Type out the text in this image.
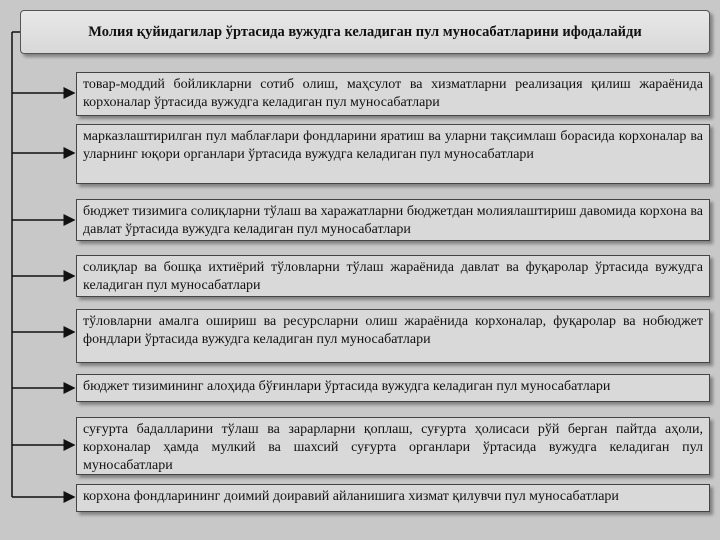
Молия қуйидагилар ўртасида вужудга келадиган пул муносабатларини ифодалайди
товар-моддий бойликларни сотиб олиш, маҳсулот ва хизматларни реализация қилиш жараёнида корхоналар ўртасида вужудга келадиган пул муносабатлари
марказлаштирилган пул маблағлари фондларини яратиш ва уларни тақсимлаш борасида корхоналар ва уларнинг юқори органлари ўртасида вужудга келадиган пул муносабатлари
бюджет тизимига солиқларни тўлаш ва харажатларни бюджетдан молиялаштириш давомида корхона ва давлат ўртасида вужудга келадиган пул муносабатлари
солиқлар ва бошқа ихтиёрий тўловларни тўлаш жараёнида давлат ва фуқаролар ўртасида вужудга келадиган пул муносабатлари
тўловларни амалга ошириш ва ресурсларни олиш жараёнида корхоналар, фуқаролар ва нобюджет фондлари ўртасида вужудга келадиган пул муносабатлари
бюджет тизимининг алоҳида бўғинлари ўртасида вужудга келадиган пул муносабатлари
суғурта бадалларини тўлаш ва зарарларни қоплаш, суғурта ҳолисаси рўй берган пайтда аҳоли, корхоналар ҳамда мулкий ва шахсий суғурта органлари ўртасида вужудга келадиган пул муносабатлари
корхона фондларининг доимий доиравий айланишига хизмат қилувчи пул муносабатлари
